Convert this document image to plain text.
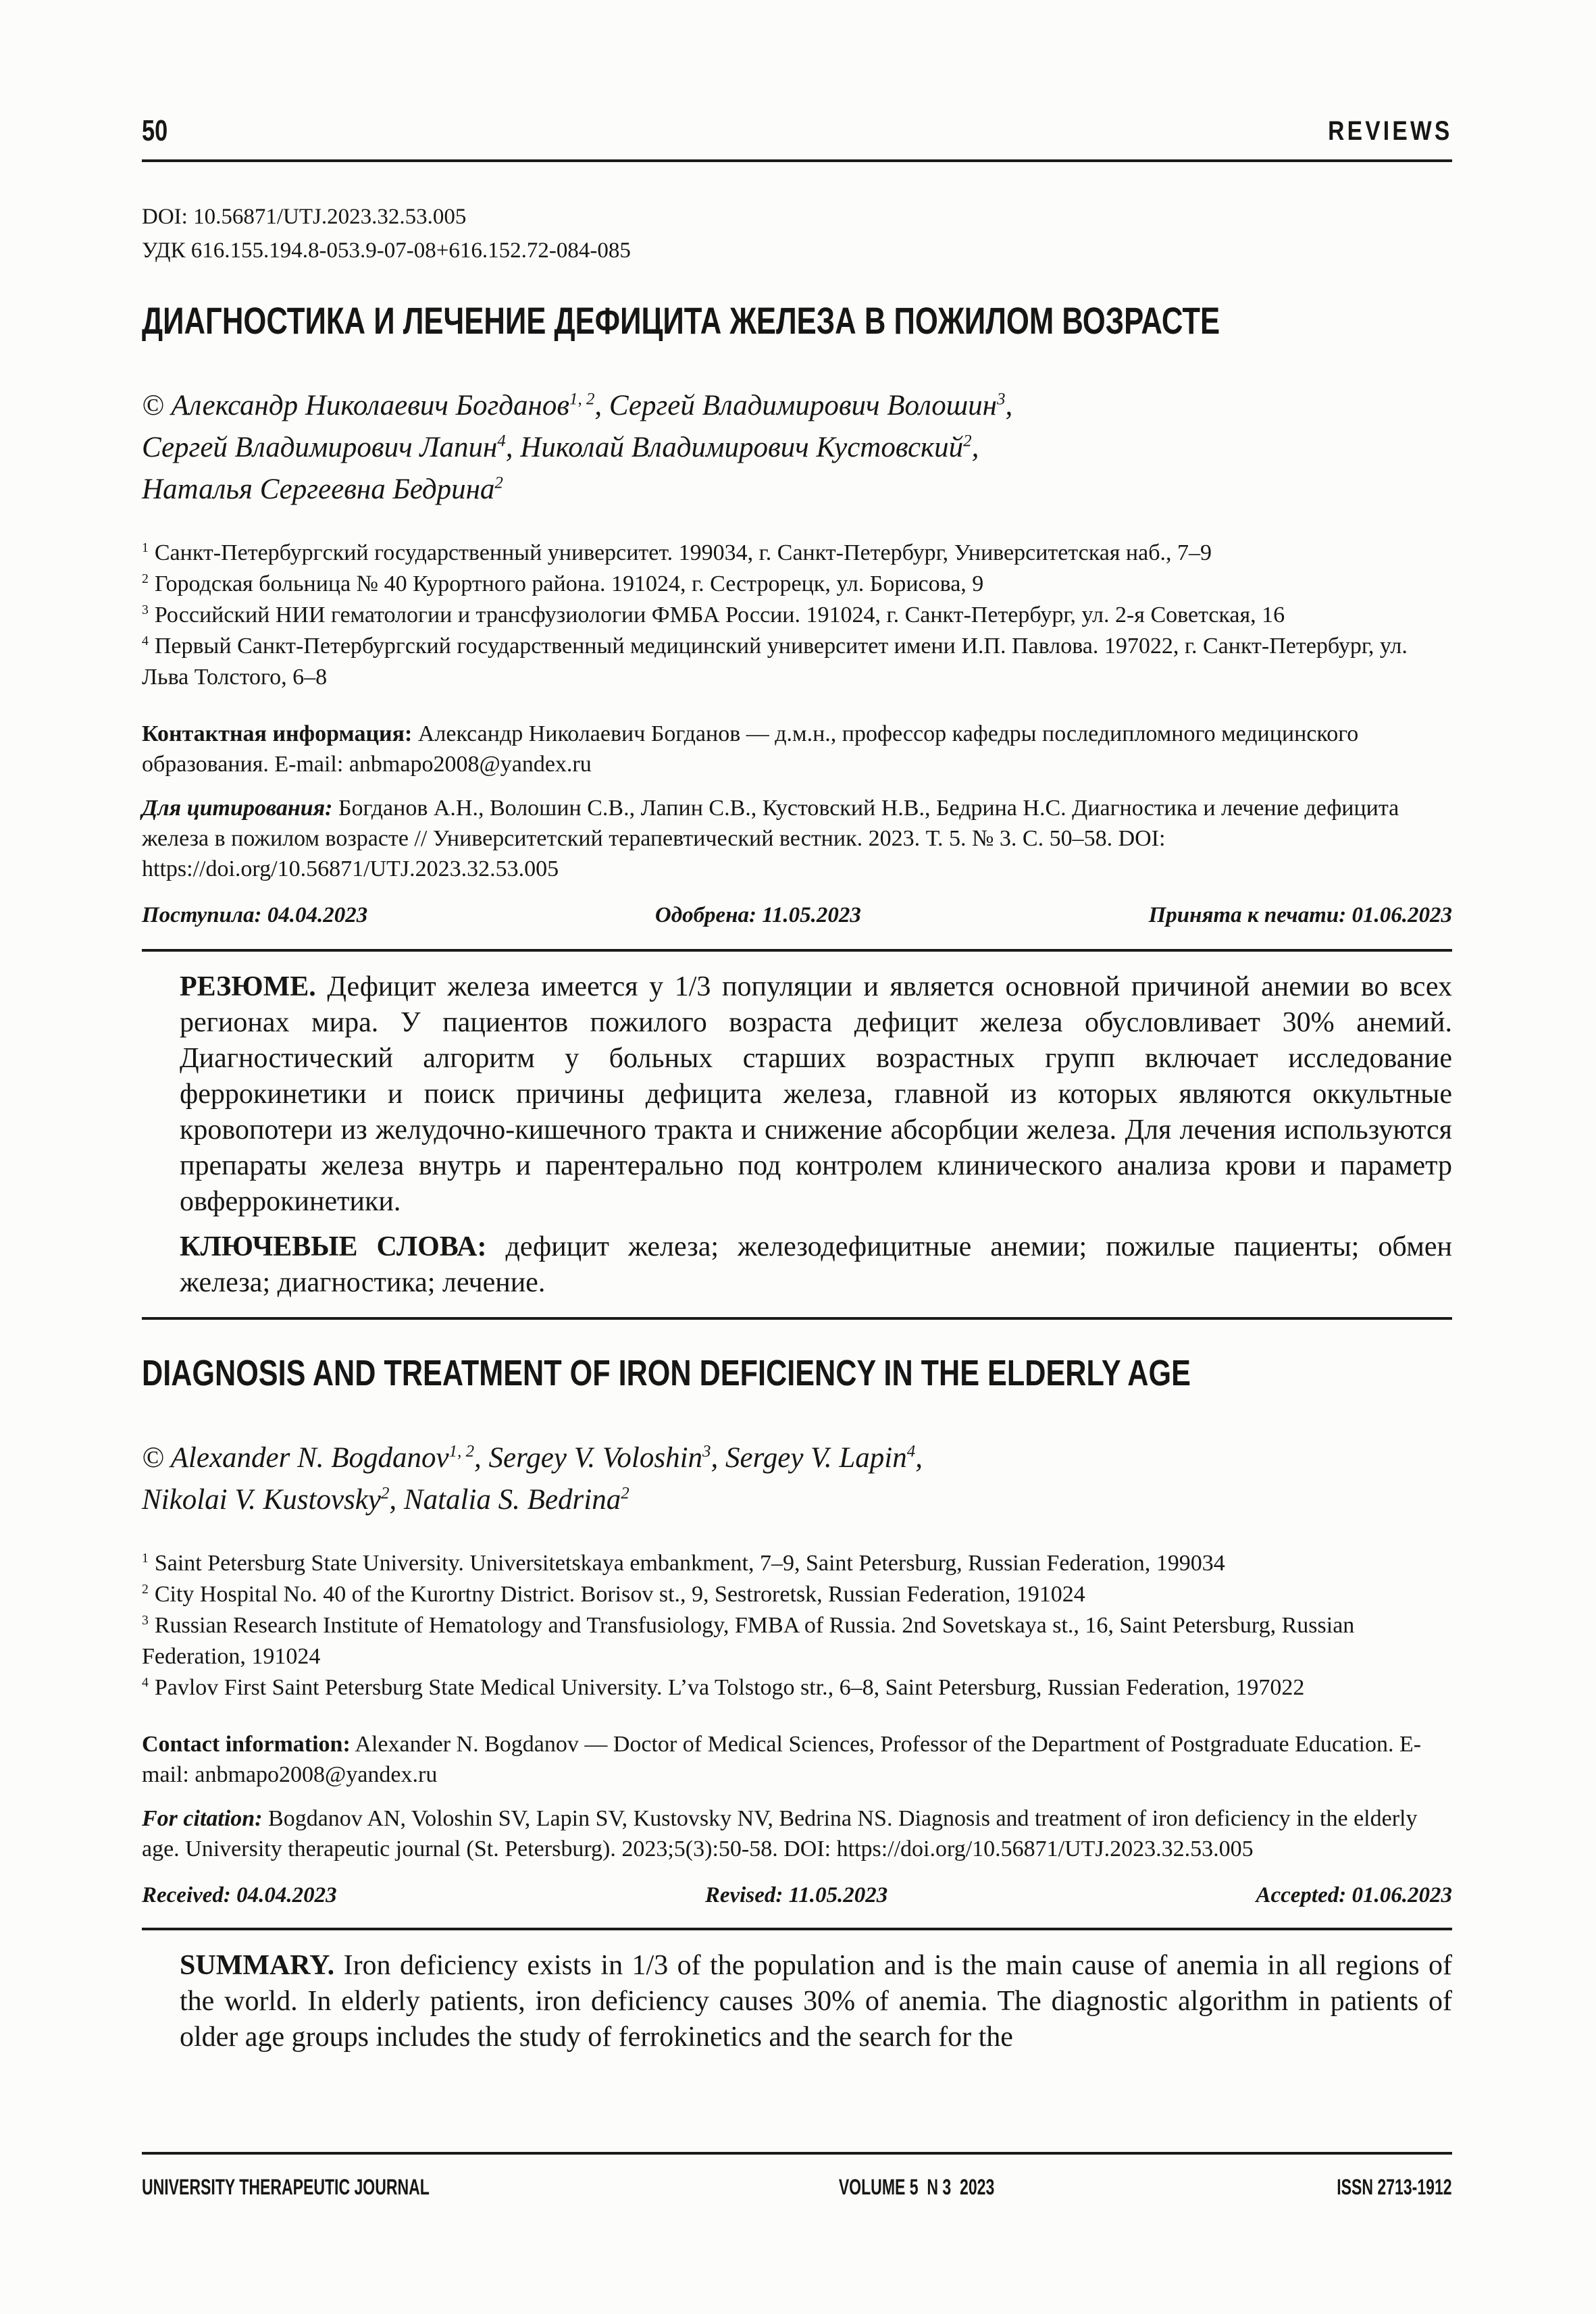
50	REVIEWS

DOI: 10.56871/UTJ.2023.32.53.005

УДК 616.155.194.8-053.9-07-08+616.152.72-084-085

ДИАГНОСТИКА И ЛЕЧЕНИЕ ДЕФИЦИТА ЖЕЛЕЗА В ПОЖИЛОМ ВОЗРАСТЕ
© Александр Николаевич Богданов$^{1, 2}$, Сергей Владимирович Волошин$^3$,
Сергей Владимирович Лапин$^4$, Николай Владимирович Кустовский$^2$,
Наталья Сергеевна Бедрина$^2$

$^1$ Санкт-Петербургский государственный университет. 199034, г. Санкт-Петербург, Университетская наб., 7–9

$^2$ Городская больница № 40 Курортного района. 191024, г. Сестрорецк, ул. Борисова, 9

$^3$ Российский НИИ гематологии и трансфузиологии ФМБА России. 191024, г. Санкт-Петербург, ул. 2-я Советская, 16

$^4$ Первый Санкт-Петербургский государственный медицинский университет имени И.П. Павлова. 197022, г. Санкт-Петербург, ул. Льва Толстого, 6–8

Контактная информация: Александр Николаевич Богданов — д.м.н., профессор кафедры последипломного медицинского образования. E-mail: anbmapo2008@yandex.ru

Для цитирования: Богданов А.Н., Волошин С.В., Лапин С.В., Кустовский Н.В., Бедрина Н.С. Диагностика и лечение дефицита железа в пожилом возрасте // Университетский терапевтический вестник. 2023. Т. 5. № 3. С. 50–58. DOI: https://doi.org/10.56871/UTJ.2023.32.53.005

Поступила: 04.04.2023	Одобрена: 11.05.2023	Принята к печати: 01.06.2023

РЕЗЮМЕ. Дефицит железа имеется у 1/3 популяции и является основной причиной анемии во всех регионах мира. У пациентов пожилого возраста дефицит железа обусловливает 30% анемий. Диагностический алгоритм у больных старших возрастных групп включает исследование феррокинетики и поиск причины дефицита железа, главной из которых являются оккультные кровопотери из желудочно-кишечного тракта и снижение абсорбции железа. Для лечения используются препараты железа внутрь и парентерально под контролем клинического анализа крови и параметр овферрокинетики.

КЛЮЧЕВЫЕ СЛОВА: дефицит железа; железодефицитные анемии; пожилые пациенты; обмен железа; диагностика; лечение.

DIAGNOSIS AND TREATMENT OF IRON DEFICIENCY IN THE ELDERLY AGE
© Alexander N. Bogdanov$^{1, 2}$, Sergey V. Voloshin$^3$, Sergey V. Lapin$^4$,
Nikolai V. Kustovsky$^2$, Natalia S. Bedrina$^2$

$^1$ Saint Petersburg State University. Universitetskaya embankment, 7–9, Saint Petersburg, Russian Federation, 199034

$^2$ City Hospital No. 40 of the Kurortny District. Borisov st., 9, Sestroretsk, Russian Federation, 191024

$^3$ Russian Research Institute of Hematology and Transfusiology, FMBA of Russia. 2nd Sovetskaya st., 16, Saint Petersburg, Russian Federation, 191024

$^4$ Pavlov First Saint Petersburg State Medical University. L’va Tolstogo str., 6–8, Saint Petersburg, Russian Federation, 197022

Contact information: Alexander N. Bogdanov — Doctor of Medical Sciences, Professor of the Department of Postgraduate Education. E-mail: anbmapo2008@yandex.ru

For citation: Bogdanov AN, Voloshin SV, Lapin SV, Kustovsky NV, Bedrina NS. Diagnosis and treatment of iron deficiency in the elderly age. University therapeutic journal (St. Petersburg). 2023;5(3):50-58. DOI: https://doi.org/10.56871/UTJ.2023.32.53.005

Received: 04.04.2023	Revised: 11.05.2023	Accepted: 01.06.2023

SUMMARY. Iron deficiency exists in 1/3 of the population and is the main cause of anemia in all regions of the world. In elderly patients, iron deficiency causes 30% of anemia. The diagnostic algorithm in patients of older age groups includes the study of ferrokinetics and the search for the

UNIVERSITY THERAPEUTIC JOURNAL	VOLUME 5  N 3  2023	ISSN 2713-1912
